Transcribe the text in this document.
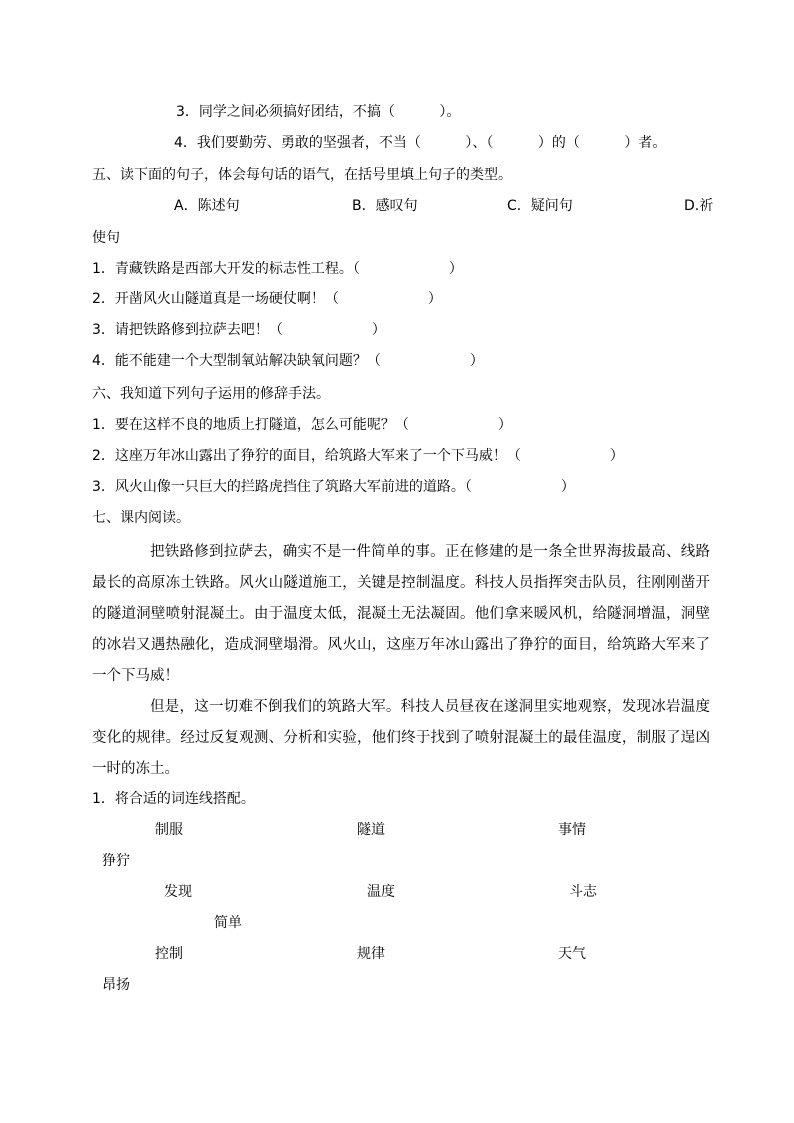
3．同学之间必须搞好团结，不搞（          ）。
4．我们要勤劳、勇敢的坚强者，不当（          ）、（          ）的（          ）者。
五、读下面的句子，体会每句话的语气，在括号里填上句子的类型。
A．陈述句	B．感叹句	C．疑问句	D.祈
使句
1．青藏铁路是西部大开发的标志性工程。（                    ）
2．开凿风火山隧道真是一场硬仗啊！（                    ）
3．请把铁路修到拉萨去吧！（                    ）
4．能不能建一个大型制氧站解决缺氧问题？（                    ）
六、我知道下列句子运用的修辞手法。
1．要在这样不良的地质上打隧道，怎么可能呢？（                    ）
2．这座万年冰山露出了狰狞的面目，给筑路大军来了一个下马威！（                    ）
3．风火山像一只巨大的拦路虎挡住了筑路大军前进的道路。（                    ）
七、课内阅读。

把铁路修到拉萨去，确实不是一件简单的事。正在修建的是一条全世界海拔最高、线路最长的高原冻土铁路。风火山隧道施工，关键是控制温度。科技人员指挥突击队员，往刚刚凿开的隧道洞壁喷射混凝土。由于温度太低，混凝土无法凝固。他们拿来暖风机，给隧洞增温，洞壁的冰岩又遇热融化，造成洞壁塌滑。风火山，这座万年冰山露出了狰狞的面目，给筑路大军来了一个下马威！

但是，这一切难不倒我们的筑路大军。科技人员昼夜在遂洞里实地观察，发现冰岩温度变化的规律。经过反复观测、分析和实验，他们终于找到了喷射混凝土的最佳温度，制服了逞凶一时的冻土。

1．将合适的词连线搭配。
制服	隧道	事情
狰狞
发现	温度	斗志
简单
控制	规律	天气
昂扬
